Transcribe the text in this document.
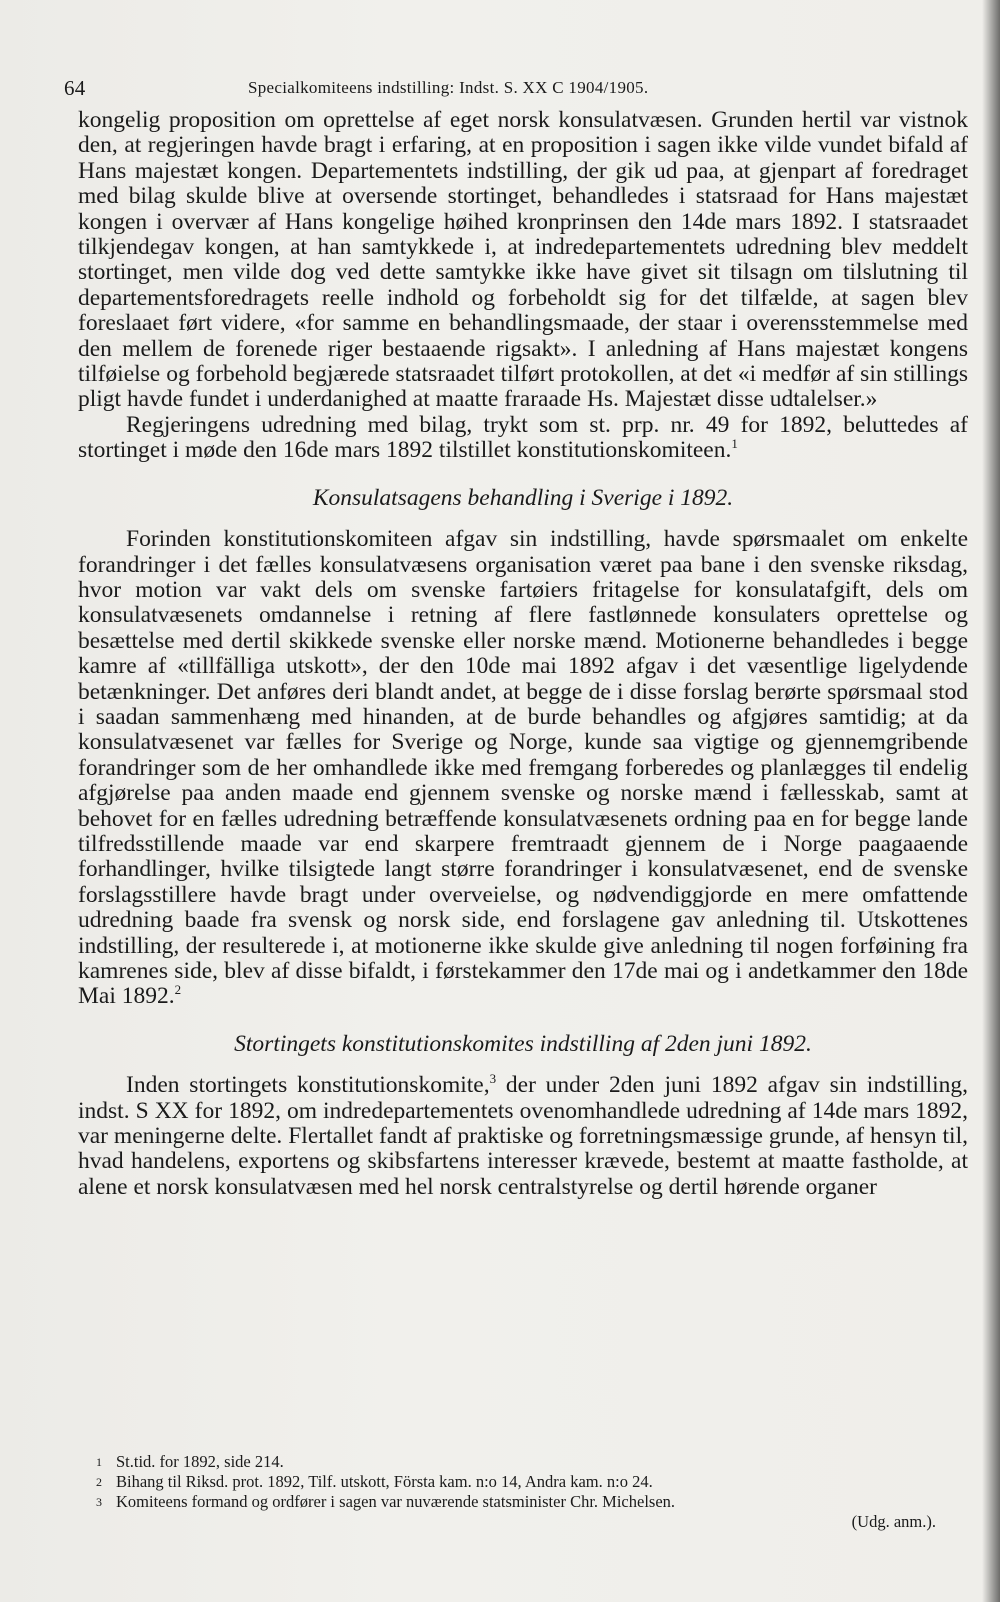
64	Specialkomiteens indstilling: Indst. S. XX C 1904/1905.

kongelig proposition om oprettelse af eget norsk konsulatvæsen. Grunden hertil var vistnok den, at regjeringen havde bragt i erfaring, at en proposition i sagen ikke vilde vundet bifald af Hans majestæt kongen. Departementets indstilling, der gik ud paa, at gjenpart af foredraget med bilag skulde blive at oversende stortinget, behandledes i statsraad for Hans majestæt kongen i overvær af Hans kongelige høihed kronprinsen den 14de mars 1892. I statsraadet tilkjendegav kongen, at han samtykkede i, at indredepartementets udredning blev meddelt stortinget, men vilde dog ved dette samtykke ikke have givet sit tilsagn om tilslutning til departementsforedragets reelle indhold og forbeholdt sig for det tilfælde, at sagen blev foreslaaet ført videre, «for samme en behandlingsmaade, der staar i overensstemmelse med den mellem de forenede riger bestaaende rigsakt». I anledning af Hans majestæt kongens tilføielse og forbehold begjærede statsraadet tilført protokollen, at det «i medfør af sin stillings pligt havde fundet i underdanighed at maatte fraraade Hs. Majestæt disse udtalelser.»

Regjeringens udredning med bilag, trykt som st. prp. nr. 49 for 1892, beluttedes af stortinget i møde den 16de mars 1892 tilstillet konstitutionskomiteen.$^1$

Konsulatsagens behandling i Sverige i 1892.

Forinden konstitutionskomiteen afgav sin indstilling, havde spørsmaalet om enkelte forandringer i det fælles konsulatvæsens organisation været paa bane i den svenske riksdag, hvor motion var vakt dels om svenske fartøiers fritagelse for konsulatafgift, dels om konsulatvæsenets omdannelse i retning af flere fastlønnede konsulaters oprettelse og besættelse med dertil skikkede svenske eller norske mænd. Motionerne behandledes i begge kamre af «tillfälliga utskott», der den 10de mai 1892 afgav i det væsentlige ligelydende betænkninger. Det anføres deri blandt andet, at begge de i disse forslag berørte spørsmaal stod i saadan sammenhæng med hinanden, at de burde behandles og afgjøres samtidig; at da konsulatvæsenet var fælles for Sverige og Norge, kunde saa vigtige og gjennemgribende forandringer som de her omhandlede ikke med fremgang forberedes og planlægges til endelig afgjørelse paa anden maade end gjennem svenske og norske mænd i fællesskab, samt at behovet for en fælles udredning betræffende konsulatvæsenets ordning paa en for begge lande tilfredsstillende maade var end skarpere fremtraadt gjennem de i Norge paagaaende forhandlinger, hvilke tilsigtede langt større forandringer i konsulatvæsenet, end de svenske forslagsstillere havde bragt under overveielse, og nødvendiggjorde en mere omfattende udredning baade fra svensk og norsk side, end forslagene gav anledning til. Utskottenes indstilling, der resulterede i, at motionerne ikke skulde give anledning til nogen forføining fra kamrenes side, blev af disse bifaldt, i førstekammer den 17de mai og i andetkammer den 18de Mai 1892.$^2$

Stortingets konstitutionskomites indstilling af 2den juni 1892.

Inden stortingets konstitutionskomite,$^3$ der under 2den juni 1892 afgav sin indstilling, indst. S XX for 1892, om indredepartementets ovenomhandlede udredning af 14de mars 1892, var meningerne delte. Flertallet fandt af praktiske og forretningsmæssige grunde, af hensyn til, hvad handelens, exportens og skibsfartens interesser krævede, bestemt at maatte fastholde, at alene et norsk konsulatvæsen med hel norsk centralstyrelse og dertil hørende organer

1 St.tid. for 1892, side 214.
2 Bihang til Riksd. prot. 1892, Tilf. utskott, Första kam. n:o 14, Andra kam. n:o 24.
3 Komiteens formand og ordfører i sagen var nuværende statsminister Chr. Michelsen.
(Udg. anm.).
